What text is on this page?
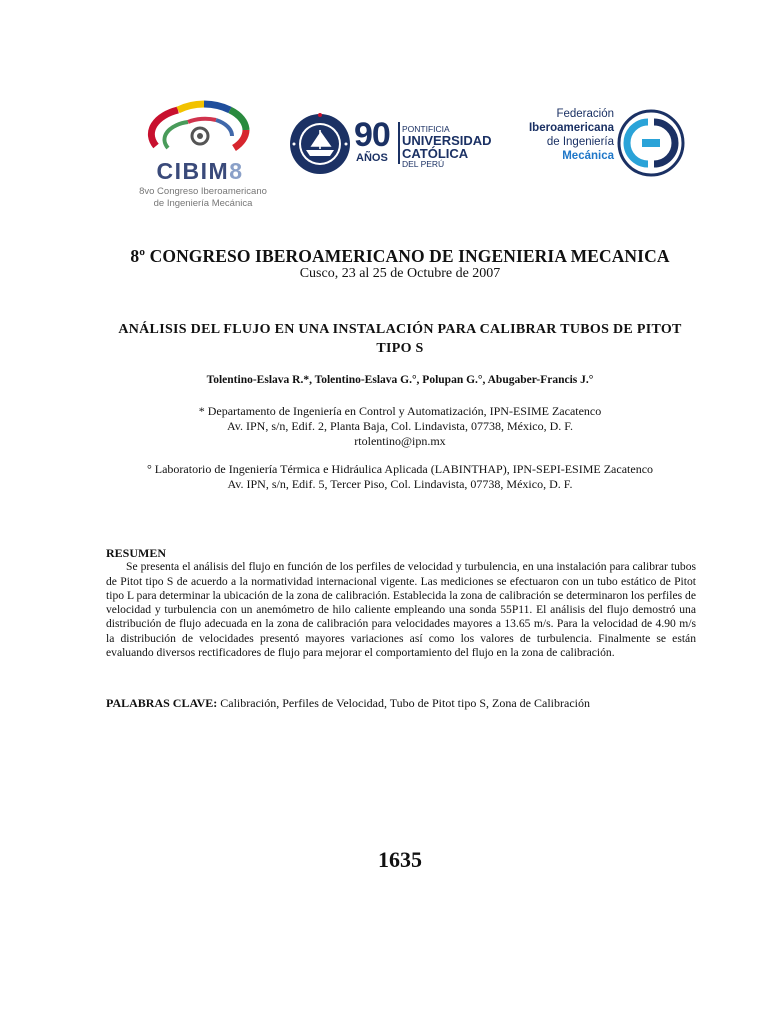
CIBIM8
8vo Congreso Iberoamericano
de Ingeniería Mecánica
90
AÑOS
PONTIFICIA
UNIVERSIDAD
CATÓLICA
DEL PERÚ
Federación
Iberoamericana
de Ingeniería
Mecánica
8º CONGRESO IBEROAMERICANO DE INGENIERIA MECANICA
Cusco, 23 al 25 de Octubre de 2007
ANÁLISIS DEL FLUJO EN UNA INSTALACIÓN PARA CALIBRAR TUBOS DE PITOT TIPO S
Tolentino-Eslava R.*, Tolentino-Eslava G.°, Polupan G.°, Abugaber-Francis J.°
* Departamento de Ingeniería en Control y Automatización, IPN-ESIME Zacatenco
Av. IPN, s/n, Edif. 2, Planta Baja, Col. Lindavista, 07738, México, D. F.
rtolentino@ipn.mx
° Laboratorio de Ingeniería Térmica e Hidráulica Aplicada (LABINTHAP), IPN-SEPI-ESIME Zacatenco
Av. IPN, s/n, Edif. 5, Tercer Piso, Col. Lindavista, 07738, México, D. F.
RESUMEN

Se presenta el análisis del flujo en función de los perfiles de velocidad y turbulencia, en una instalación para calibrar tubos de Pitot tipo S de acuerdo a la normatividad internacional vigente. Las mediciones se efectuaron con un tubo estático de Pitot tipo L para determinar la ubicación de la zona de calibración. Establecida la zona de calibración se determinaron los perfiles de velocidad y turbulencia con un anemómetro de hilo caliente empleando una sonda 55P11. El análisis del flujo demostró una distribución de flujo adecuada en la zona de calibración para velocidades mayores a 13.65 m/s. Para la velocidad de 4.90 m/s la distribución de velocidades presentó mayores variaciones así como los valores de turbulencia. Finalmente se están evaluando diversos rectificadores de flujo para mejorar el comportamiento del flujo en la zona de calibración.

PALABRAS CLAVE: Calibración, Perfiles de Velocidad, Tubo de Pitot tipo S, Zona de Calibración
1635
